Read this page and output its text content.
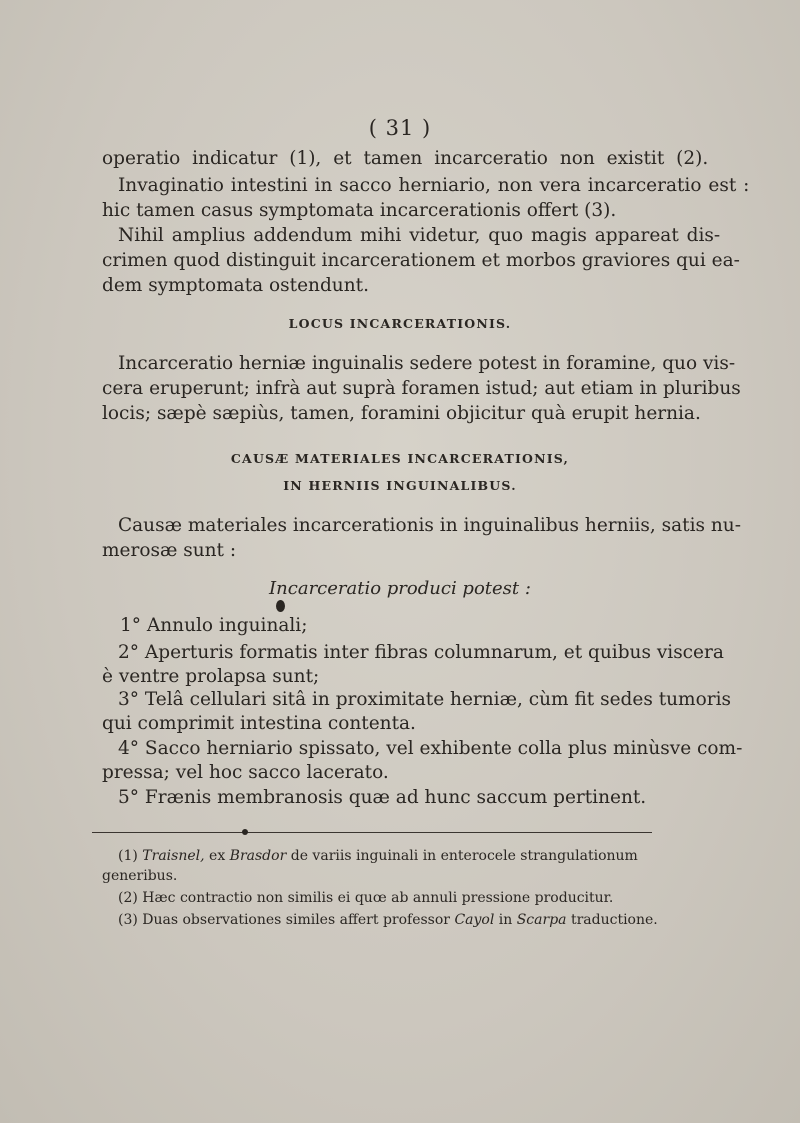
( 31 )
operatio indicatur (1), et tamen incarceratio non existit (2).
Invaginatio intestini in sacco herniario, non vera incarceratio est :
hic tamen casus symptomata incarcerationis offert (3).
Nihil amplius addendum mihi videtur, quo magis appareat dis-
crimen quod distinguit incarcerationem et morbos graviores qui ea-
dem symptomata ostendunt.
LOCUS INCARCERATIONIS.
Incarceratio herniæ inguinalis sedere potest in foramine, quo vis-
cera eruperunt; infrà aut suprà foramen istud; aut etiam in pluribus
locis; sæpè sæpiùs, tamen, foramini objicitur quà erupit hernia.
CAUSÆ MATERIALES INCARCERATIONIS,
IN HERNIIS INGUINALIBUS.
Causæ materiales incarcerationis in inguinalibus herniis, satis nu-
merosæ sunt :
Incarceratio produci potest :
1° Annulo inguinali;
2° Aperturis formatis inter fibras columnarum, et quibus viscera
è ventre prolapsa sunt;
3° Telâ cellulari sitâ in proximitate herniæ, cùm fit sedes tumoris
qui comprimit intestina contenta.
4° Sacco herniario spissato, vel exhibente colla plus minùsve com-
pressa; vel hoc sacco lacerato.
5° Frænis membranosis quæ ad hunc saccum pertinent.
(1) Traisnel, ex Brasdor de variis inguinali in enterocele strangulationum
generibus.
(2) Hæc contractio non similis ei quœ ab annuli pressione producitur.
(3) Duas observationes similes affert professor Cayol in Scarpa traductione.
